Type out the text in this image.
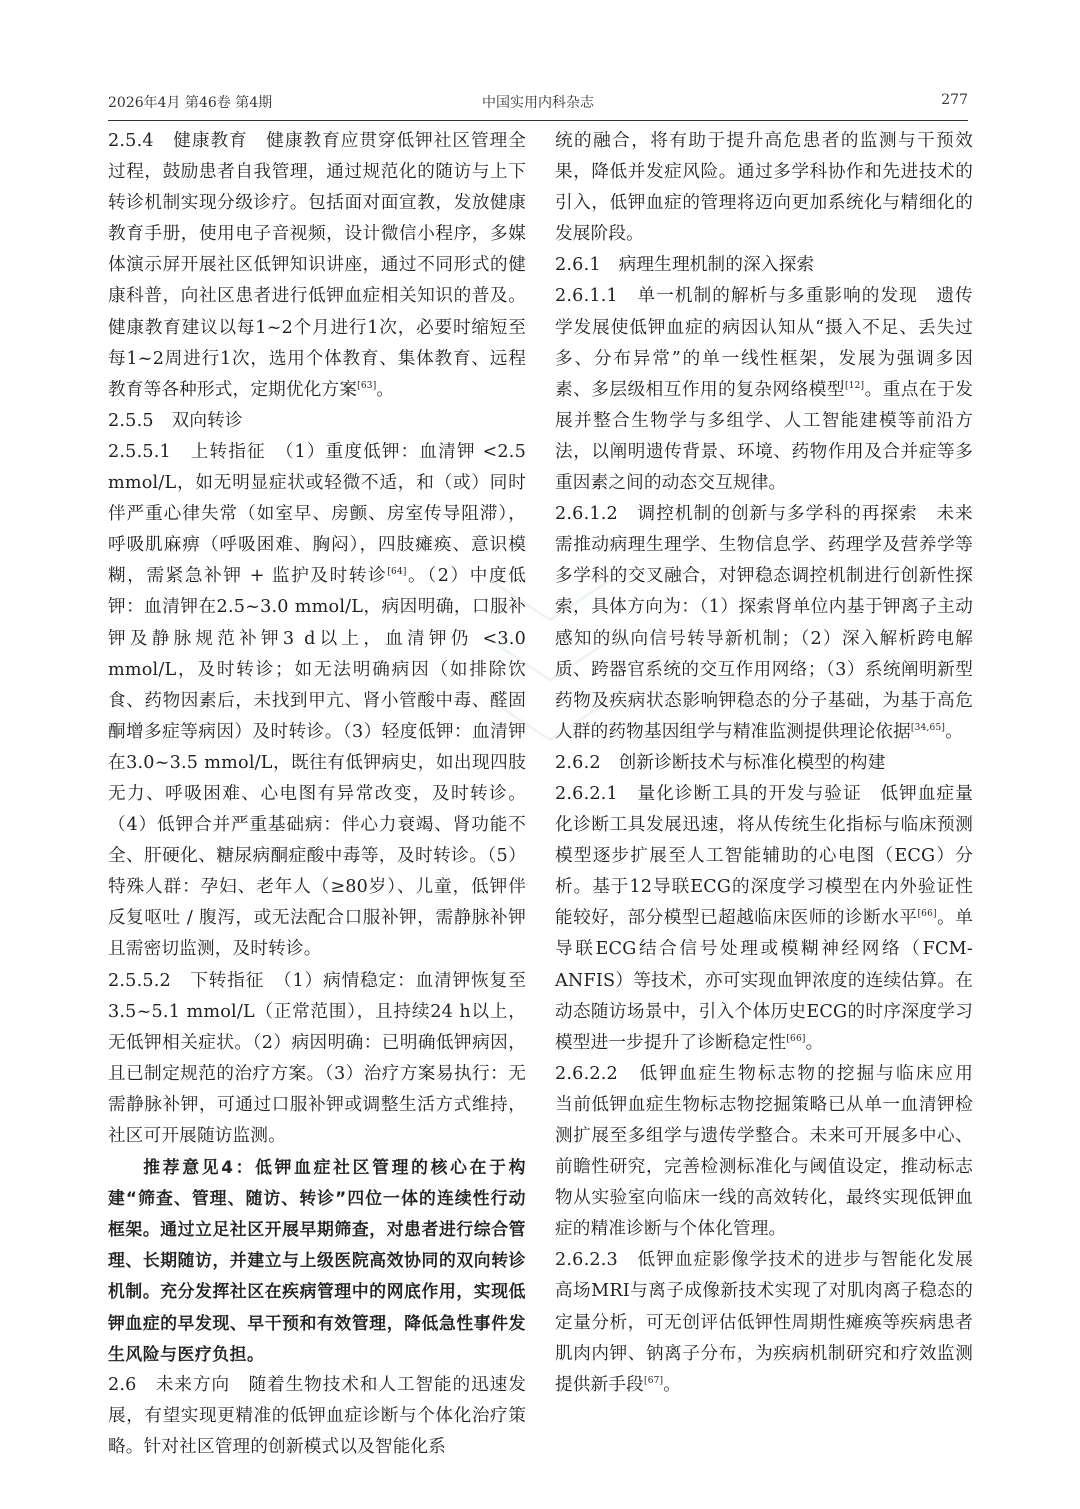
2026年4月 第46卷 第4期	中国实用内科杂志	277

2.5.4　 健康教育　 健康教育应贯穿低钾社区管理全过程，鼓励患者自我管理，通过规范化的随访与上下转诊机制实现分级诊疗。包括面对面宣教，发放健康教育手册，使用电子音视频，设计微信小程序，多媒体演示屏开展社区低钾知识讲座，通过不同形式的健康科普，向社区患者进行低钾血症相关知识的普及。健康教育建议以每1~2个月进行1次，必要时缩短至每1~2周进行1次，选用个体教育、集体教育、远程教育等各种形式，定期优化方案[63]。

2.5.5　 双向转诊

2.5.5.1　 上转指征　 （1）重度低钾：血清钾 <2.5 mmol/L，如无明显症状或轻微不适，和（或）同时伴严重心律失常（如室早、房颤、房室传导阻滞），呼吸肌麻痹（呼吸困难、胸闷），四肢瘫痪、意识模糊，需紧急补钾 + 监护及时转诊[64]。（2）中度低钾：血清钾在2.5~3.0 mmol/L，病因明确，口服补钾及静脉规范补钾3 d以上，血清钾仍 <3.0 mmol/L，及时转诊；如无法明确病因（如排除饮食、药物因素后，未找到甲亢、肾小管酸中毒、醛固酮增多症等病因）及时转诊。（3）轻度低钾：血清钾在3.0~3.5 mmol/L，既往有低钾病史，如出现四肢无力、呼吸困难、心电图有异常改变，及时转诊。（4）低钾合并严重基础病：伴心力衰竭、肾功能不全、肝硬化、糖尿病酮症酸中毒等，及时转诊。（5）特殊人群：孕妇、老年人（≥80岁）、儿童，低钾伴反复呕吐 / 腹泻，或无法配合口服补钾，需静脉补钾且需密切监测，及时转诊。

2.5.5.2　 下转指征　 （1）病情稳定：血清钾恢复至3.5~5.1 mmol/L（正常范围），且持续24 h以上，无低钾相关症状。（2）病因明确：已明确低钾病因，且已制定规范的治疗方案。（3）治疗方案易执行：无需静脉补钾，可通过口服补钾或调整生活方式维持，社区可开展随访监测。

推荐意见4：低钾血症社区管理的核心在于构建“筛查、管理、随访、转诊”四位一体的连续性行动框架。通过立足社区开展早期筛查，对患者进行综合管理、长期随访，并建立与上级医院高效协同的双向转诊机制。充分发挥社区在疾病管理中的网底作用，实现低钾血症的早发现、早干预和有效管理，降低急性事件发生风险与医疗负担。

2.6　 未来方向　 随着生物技术和人工智能的迅速发展，有望实现更精准的低钾血症诊断与个体化治疗策略。针对社区管理的创新模式以及智能化系

统的融合，将有助于提升高危患者的监测与干预效果，降低并发症风险。通过多学科协作和先进技术的引入，低钾血症的管理将迈向更加系统化与精细化的发展阶段。

2.6.1　 病理生理机制的深入探索

2.6.1.1　 单一机制的解析与多重影响的发现　 遗传学发展使低钾血症的病因认知从“摄入不足、丢失过多、分布异常”的单一线性框架，发展为强调多因素、多层级相互作用的复杂网络模型[12]。重点在于发展并整合生物学与多组学、人工智能建模等前沿方法，以阐明遗传背景、环境、药物作用及合并症等多重因素之间的动态交互规律。

2.6.1.2　 调控机制的创新与多学科的再探索　 未来需推动病理生理学、生物信息学、药理学及营养学等多学科的交叉融合，对钾稳态调控机制进行创新性探索，具体方向为：（1）探索肾单位内基于钾离子主动感知的纵向信号转导新机制；（2）深入解析跨电解质、跨器官系统的交互作用网络；（3）系统阐明新型药物及疾病状态影响钾稳态的分子基础，为基于高危人群的药物基因组学与精准监测提供理论依据[34,65]。

2.6.2　 创新诊断技术与标准化模型的构建

2.6.2.1　 量化诊断工具的开发与验证　 低钾血症量化诊断工具发展迅速，将从传统生化指标与临床预测模型逐步扩展至人工智能辅助的心电图（ECG）分析。基于12导联ECG的深度学习模型在内外验证性能较好，部分模型已超越临床医师的诊断水平[66]。单导联ECG结合信号处理或模糊神经网络（FCM-ANFIS）等技术，亦可实现血钾浓度的连续估算。在动态随访场景中，引入个体历史ECG的时序深度学习模型进一步提升了诊断稳定性[66]。

2.6.2.2　 低钾血症生物标志物的挖掘与临床应用　当前低钾血症生物标志物挖掘策略已从单一血清钾检测扩展至多组学与遗传学整合。未来可开展多中心、前瞻性研究，完善检测标准化与阈值设定，推动标志物从实验室向临床一线的高效转化，最终实现低钾血症的精准诊断与个体化管理。

2.6.2.3　 低钾血症影像学技术的进步与智能化发展　高场MRI与离子成像新技术实现了对肌肉离子稳态的定量分析，可无创评估低钾性周期性瘫痪等疾病患者肌肉内钾、钠离子分布，为疾病机制研究和疗效监测提供新手段[67]。
